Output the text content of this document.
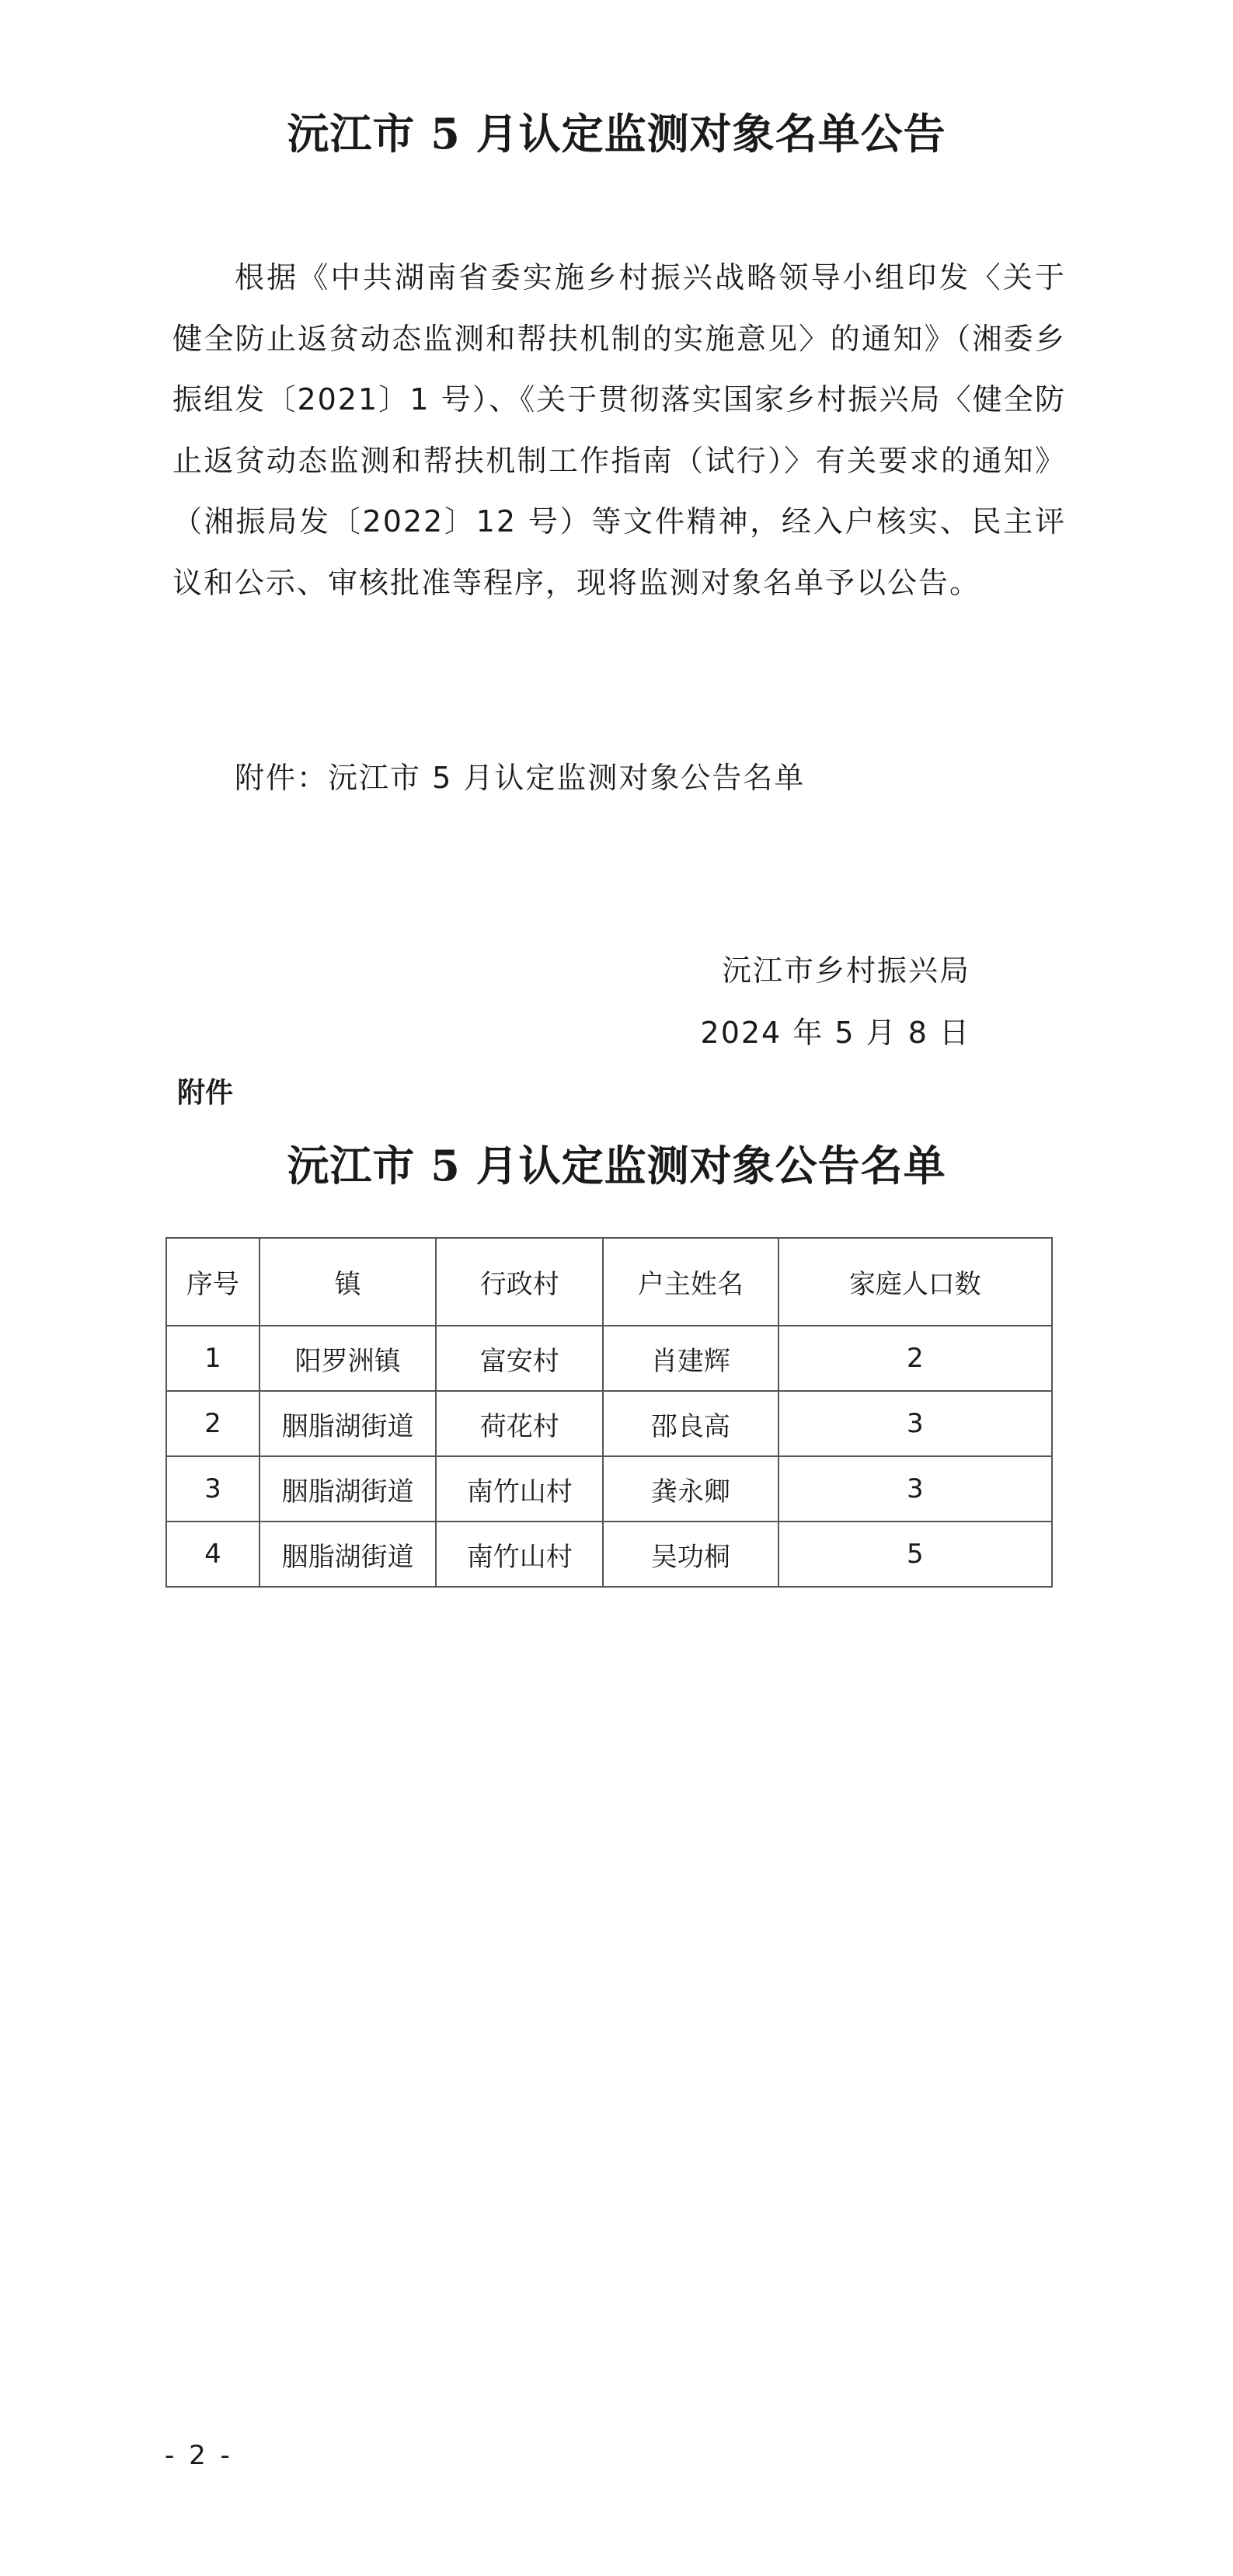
沅江市 5 月认定监测对象名单公告

根据《中共湖南省委实施乡村振兴战略领导小组印发〈关于健全防止返贫动态监测和帮扶机制的实施意见〉的通知》（湘委乡振组发〔2021〕1 号）、《关于贯彻落实国家乡村振兴局〈健全防止返贫动态监测和帮扶机制工作指南（试行）〉有关要求的通知》（湘振局发〔2022〕12 号）等文件精神，经入户核实、民主评议和公示、审核批准等程序，现将监测对象名单予以公告。

附件：沅江市 5 月认定监测对象公告名单

沅江市乡村振兴局

2024 年 5 月 8 日

附件

沅江市 5 月认定监测对象公告名单
序号	镇	行政村	户主姓名	家庭人口数
1	阳罗洲镇	富安村	肖建辉	2
2	胭脂湖街道	荷花村	邵良高	3
3	胭脂湖街道	南竹山村	龚永卿	3
4	胭脂湖街道	南竹山村	吴功桐	5

- 2 -
